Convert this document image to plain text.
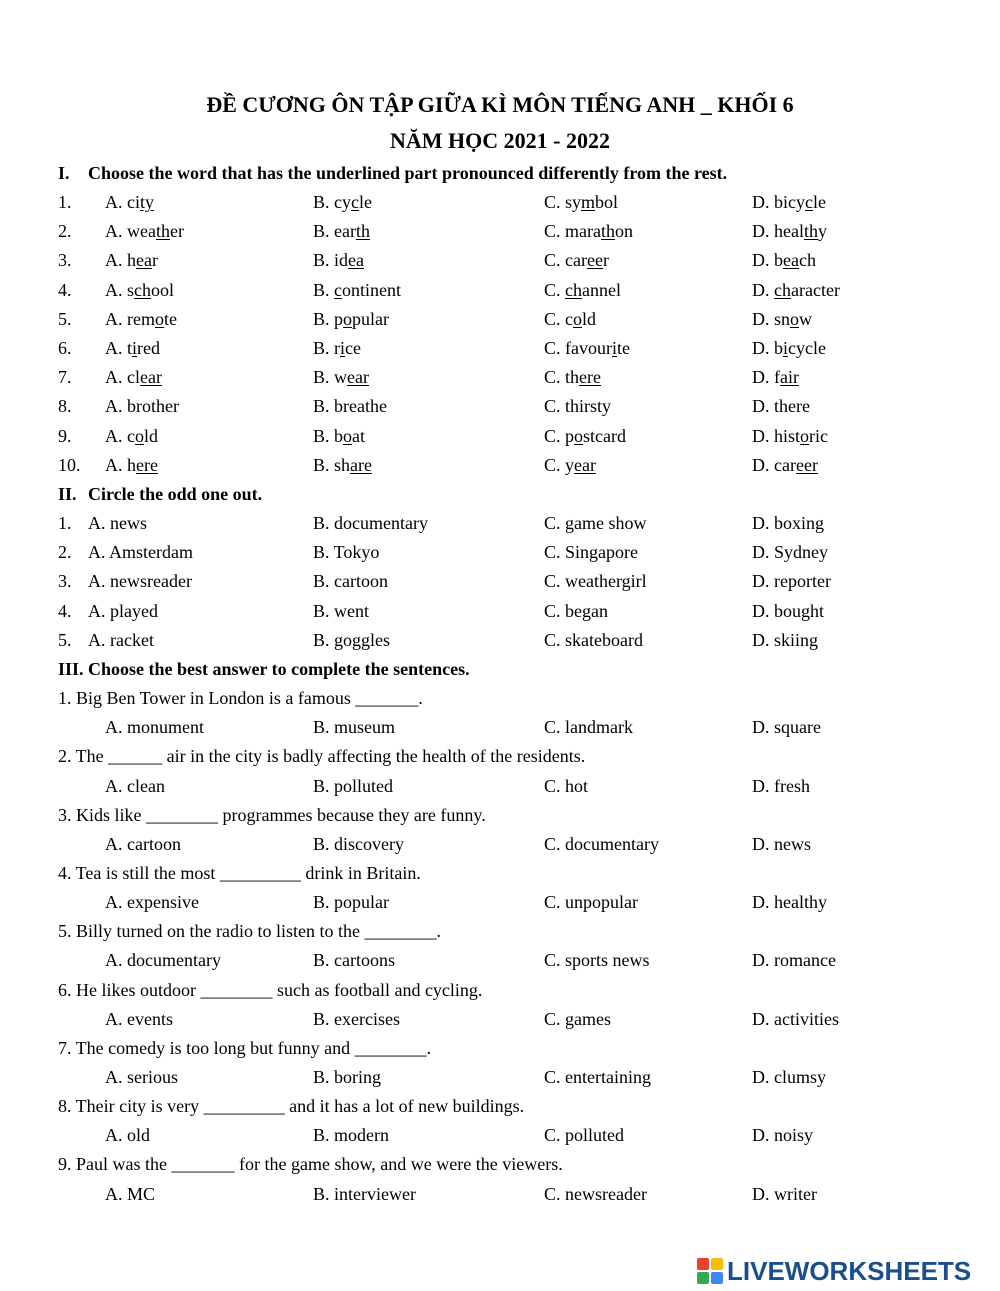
ĐỀ CƯƠNG ÔN TẬP GIỮA KÌ MÔN TIẾNG ANH _ KHỐI 6
NĂM HỌC 2021 - 2022
I. Choose the word that has the underlined part pronounced differently from the rest.
1. A. city	B. cycle	C. symbol	D. bicycle
2. A. weather	B. earth	C. marathon	D. healthy
3. A. hear	B. idea	C. career	D. beach
4. A. school	B. continent	C. channel	D. character
5. A. remote	B. popular	C. cold	D. snow
6. A. tired	B. rice	C. favourite	D. bicycle
7. A. clear	B. wear	C. there	D. fair
8. A. brother	B. breathe	C. thirsty	D. there
9. A. cold	B. boat	C. postcard	D. historic
10. A. here	B. share	C. year	D. career
II. Circle the odd one out.
1. A. news	B. documentary	C. game show	D. boxing
2. A. Amsterdam	B. Tokyo	C. Singapore	D. Sydney
3. A. newsreader	B. cartoon	C. weathergirl	D. reporter
4. A. played	B. went	C. began	D. bought
5. A. racket	B. goggles	C. skateboard	D. skiing
III. Choose the best answer to complete the sentences.
1. Big Ben Tower in London is a famous _______.
A. monument	B. museum	C. landmark	D. square
2. The ______ air in the city is badly affecting the health of the residents.
A. clean	B. polluted	C. hot	D. fresh
3. Kids like ________ programmes because they are funny.
A. cartoon	B. discovery	C. documentary	D. news
4. Tea is still the most _________ drink in Britain.
A. expensive	B. popular	C. unpopular	D. healthy
5. Billy turned on the radio to listen to the ________.
A. documentary	B. cartoons	C. sports news	D. romance
6. He likes outdoor ________ such as football and cycling.
A. events	B. exercises	C. games	D. activities
7. The comedy is too long but funny and ________.
A. serious	B. boring	C. entertaining	D. clumsy
8. Their city is very _________ and it has a lot of new buildings.
A. old	B. modern	C. polluted	D. noisy
9. Paul was the _______ for the game show, and we were the viewers.
A. MC	B. interviewer	C. newsreader	D. writer
LIVEWORKSHEETS
